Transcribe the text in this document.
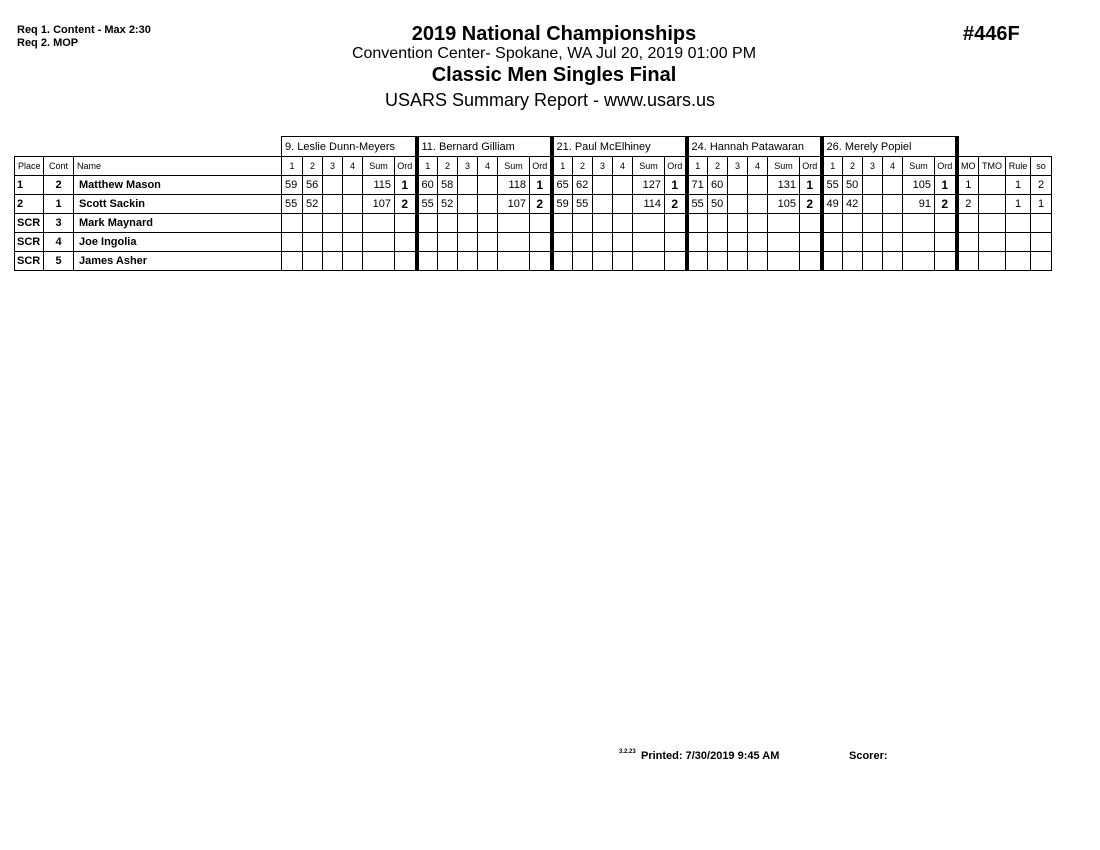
Req 1. Content - Max 2:30
Req 2. MOP	2019 National Championships
Convention Center- Spokane, WA Jul 20, 2019 01:00 PM
Classic Men Singles Final
USARS Summary Report - www.usars.us
#446F
			9. Leslie Dunn-Meyers						11. Bernard Gilliam						21. Paul McElhiney						24. Hannah Patawaran						26. Merely Popiel									
Place	Cont	Name	1	2	3	4	Sum	Ord	1	2	3	4	Sum	Ord	1	2	3	4	Sum	Ord	1	2	3	4	Sum	Ord	1	2	3	4	Sum	Ord	MO	TMO	Rule	so
1	2	Matthew Mason	59	56			115	1	60	58			118	1	65	62			127	1	71	60			131	1	55	50			105	1	1		1	2
2	1	Scott Sackin	55	52			107	2	55	52			107	2	59	55			114	2	55	50			105	2	49	42			91	2	2		1	1
SCR	3	Mark Maynard																																		
SCR	4	Joe Ingolia																																		
SCR	5	James Asher																																		
3.2.23 Printed: 7/30/2019 9:45 AM	Scorer:
